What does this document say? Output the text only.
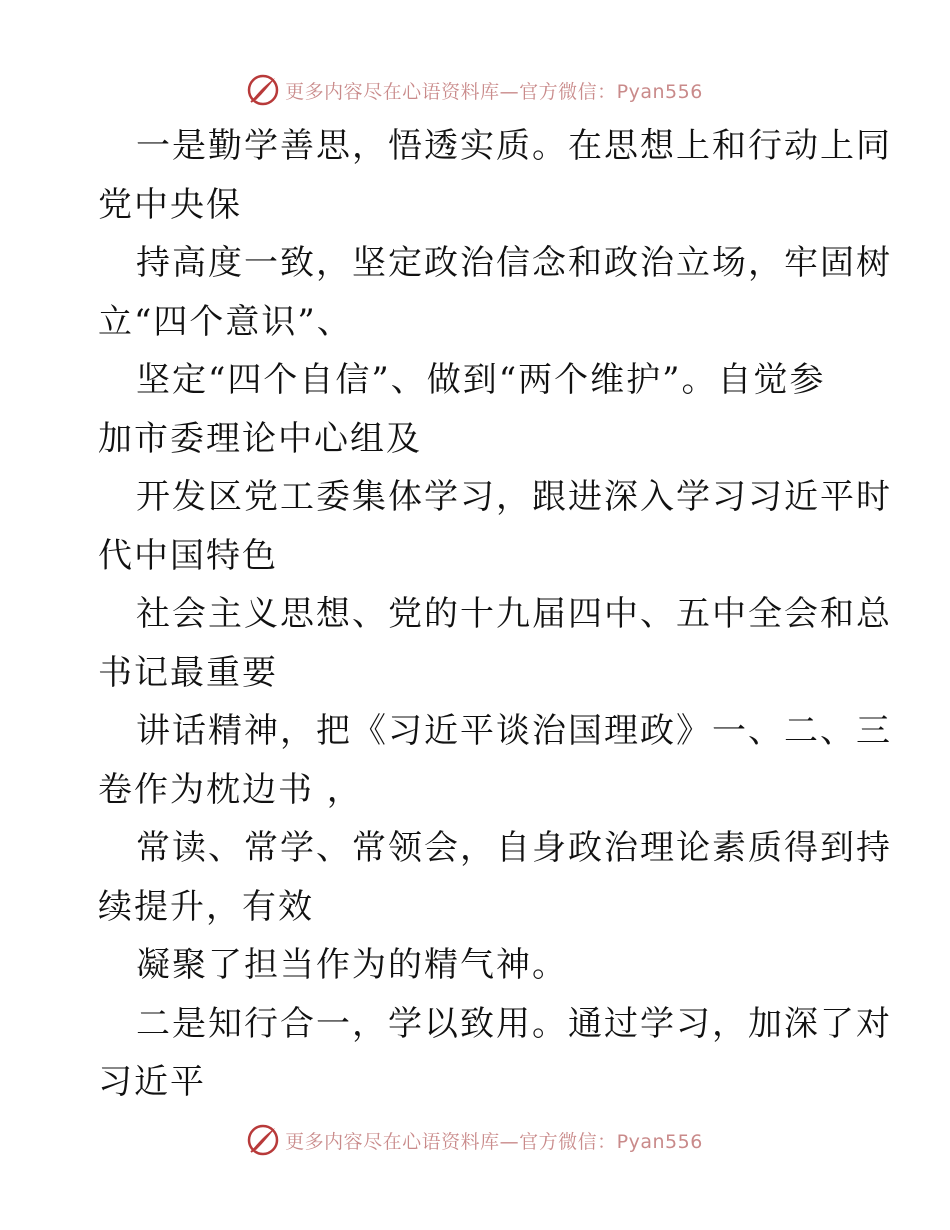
更多内容尽在心语资料库—官方微信：Pyan556
一是勤学善思，悟透实质。在思想上和行动上同
党中央保
持高度一致，坚定政治信念和政治立场，牢固树
立“四个意识”、
坚定“四个自信”、做到“两个维护”。自觉参
加市委理论中心组及
开发区党工委集体学习，跟进深入学习习近平时
代中国特色
社会主义思想、党的十九届四中、五中全会和总
书记最重要
讲话精神，把《习近平谈治国理政》一、二、三
卷作为枕边书 ，
常读、常学、常领会，自身政治理论素质得到持
续提升，有效
凝聚了担当作为的精气神。
二是知行合一，学以致用。通过学习，加深了对
习近平
更多内容尽在心语资料库—官方微信：Pyan556
